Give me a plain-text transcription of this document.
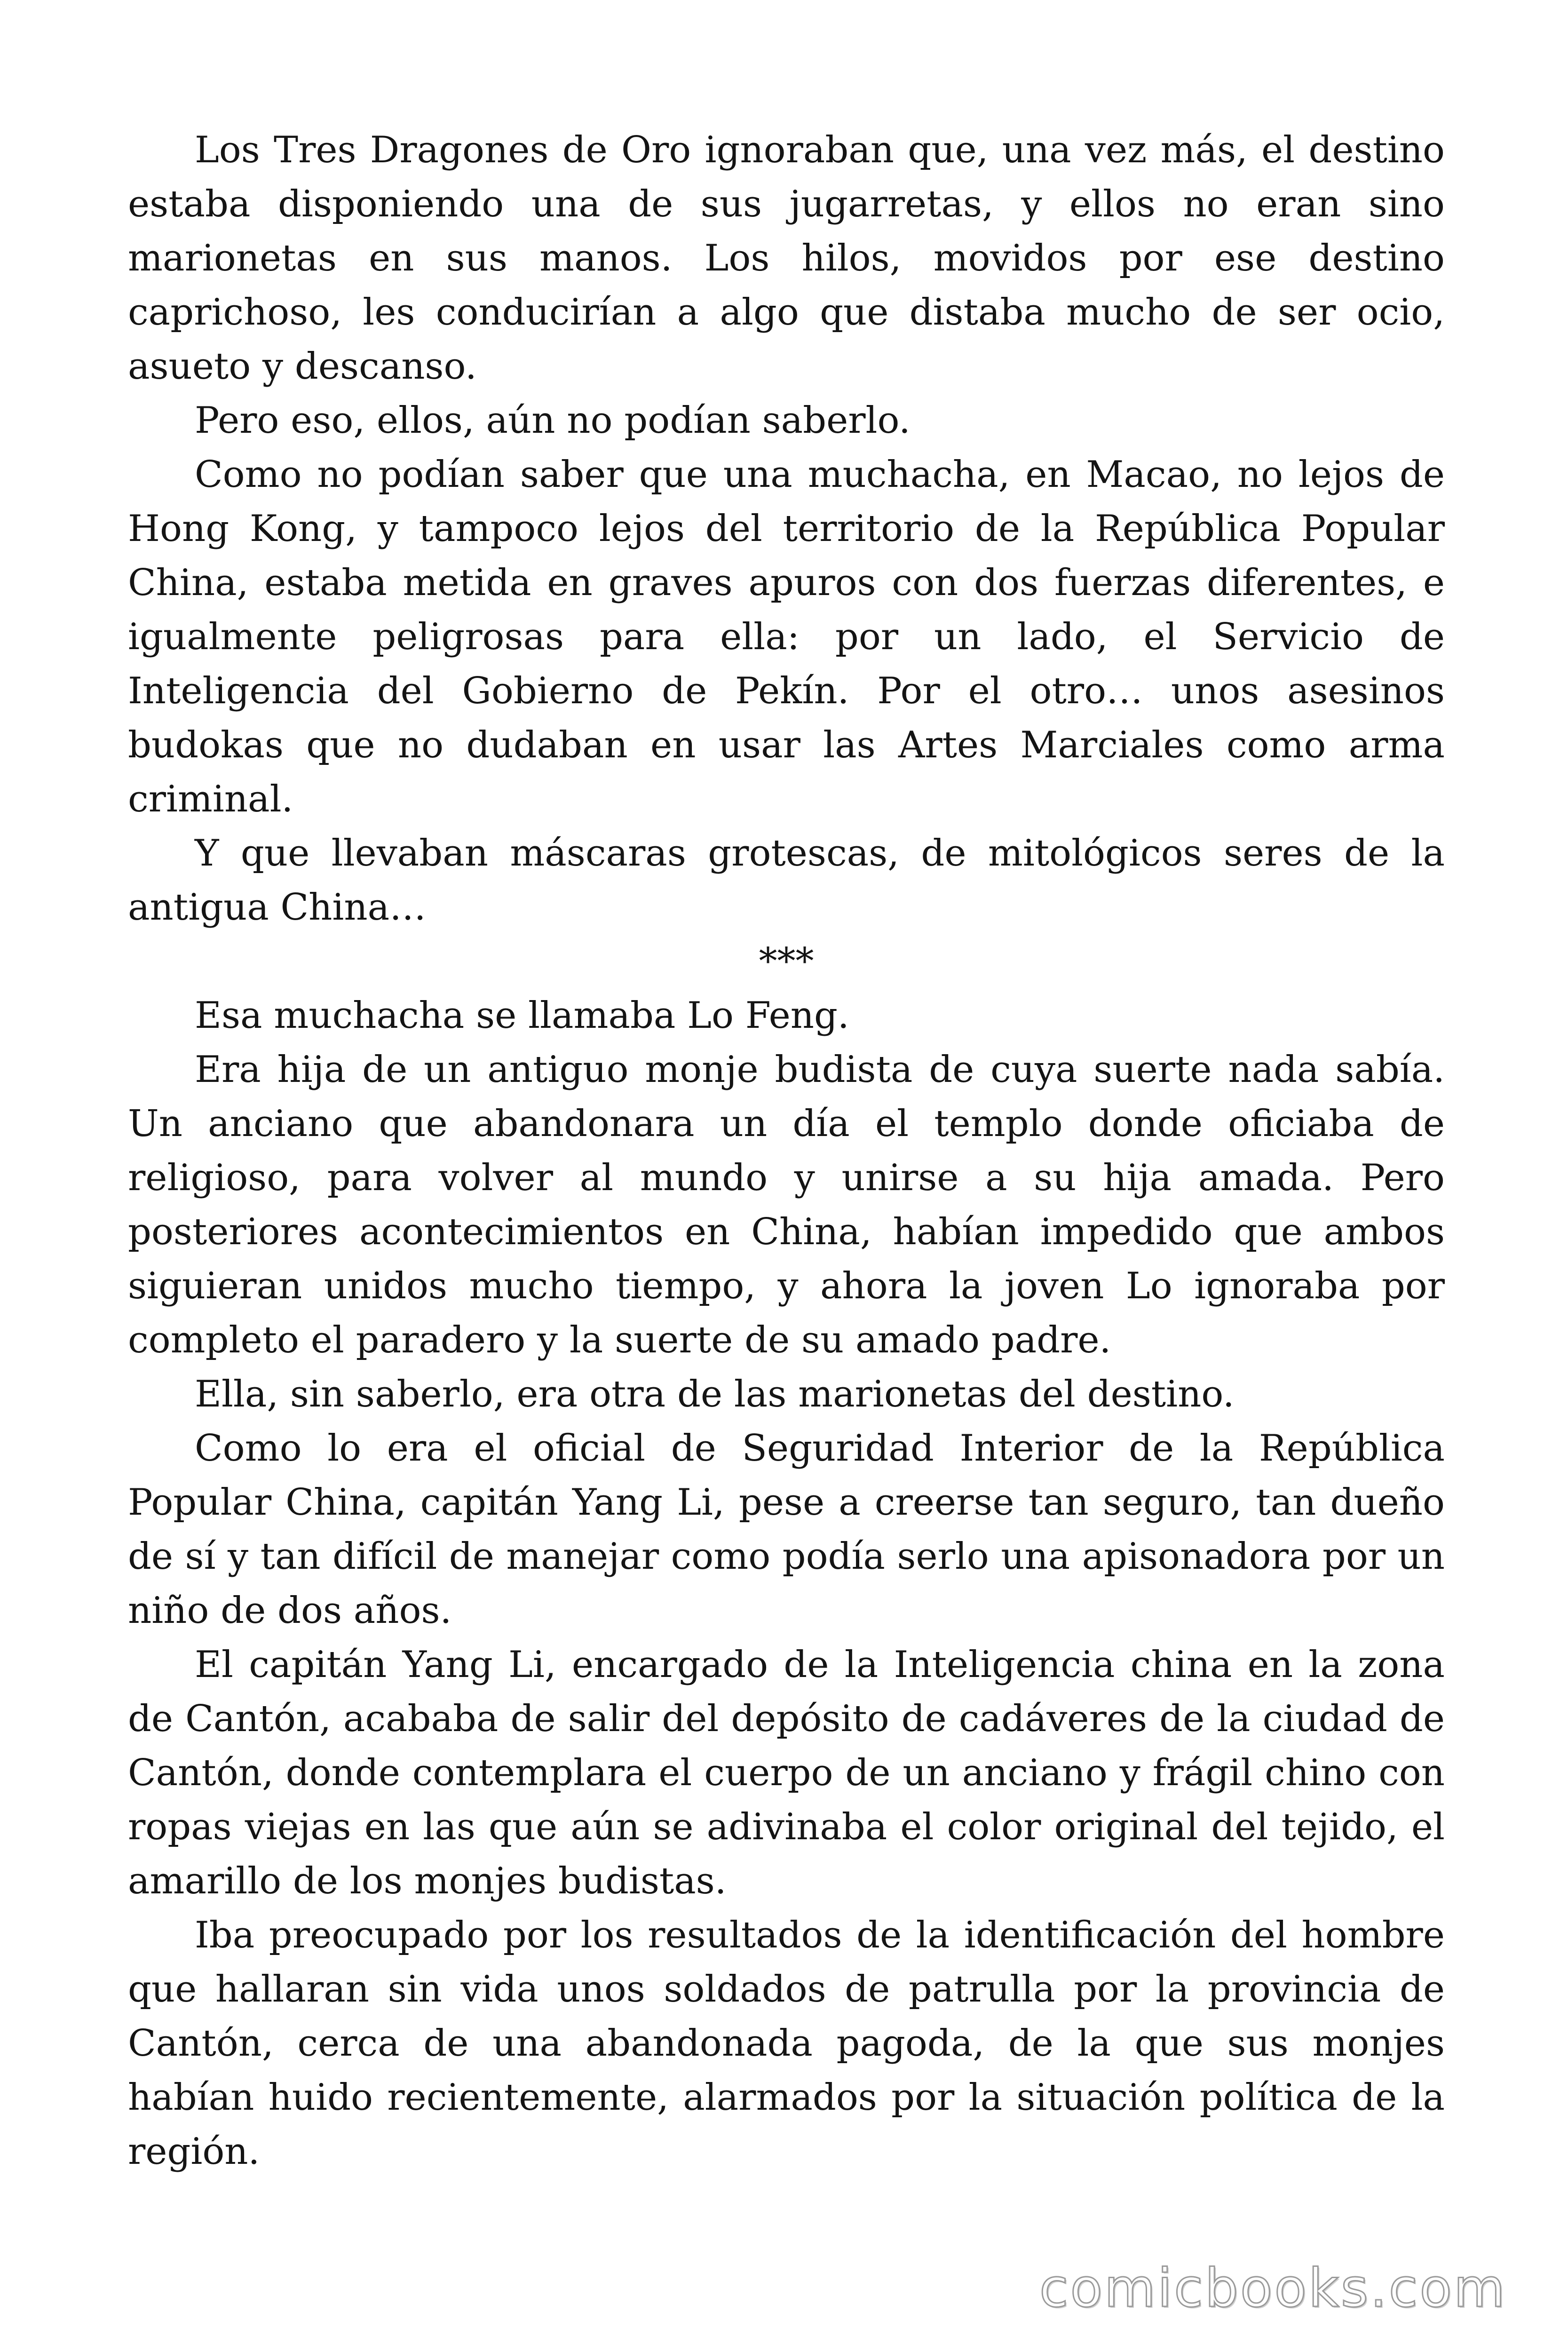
Los Tres Dragones de Oro ignoraban que, una vez más, el destino estaba disponiendo una de sus jugarretas, y ellos no eran sino marionetas en sus manos. Los hilos, movidos por ese destino caprichoso, les conducirían a algo que distaba mucho de ser ocio, asueto y descanso.

Pero eso, ellos, aún no podían saberlo.

Como no podían saber que una muchacha, en Macao, no lejos de Hong Kong, y tampoco lejos del territorio de la República Popular China, estaba metida en graves apuros con dos fuerzas diferentes, e igualmente peligrosas para ella: por un lado, el Servicio de Inteligencia del Gobierno de Pekín. Por el otro… unos asesinos budokas que no dudaban en usar las Artes Marciales como arma criminal.

Y que llevaban máscaras grotescas, de mitológicos seres de la antigua China…

***

Esa muchacha se llamaba Lo Feng.

Era hija de un antiguo monje budista de cuya suerte nada sabía. Un anciano que abandonara un día el templo donde oficiaba de religioso, para volver al mundo y unirse a su hija amada. Pero posteriores acontecimientos en China, habían impedido que ambos siguieran unidos mucho tiempo, y ahora la joven Lo ignoraba por completo el paradero y la suerte de su amado padre.

Ella, sin saberlo, era otra de las marionetas del destino.

Como lo era el oficial de Seguridad Interior de la República Popular China, capitán Yang Li, pese a creerse tan seguro, tan dueño de sí y tan difícil de manejar como podía serlo una apisonadora por un niño de dos años.

El capitán Yang Li, encargado de la Inteligencia china en la zona de Cantón, acababa de salir del depósito de cadáveres de la ciudad de Cantón, donde contemplara el cuerpo de un anciano y frágil chino con ropas viejas en las que aún se adivinaba el color original del tejido, el amarillo de los monjes budistas.

Iba preocupado por los resultados de la identificación del hombre que hallaran sin vida unos soldados de patrulla por la provincia de Cantón, cerca de una abandonada pagoda, de la que sus monjes habían huido recientemente, alarmados por la situación política de la región.

comicbooks.com
